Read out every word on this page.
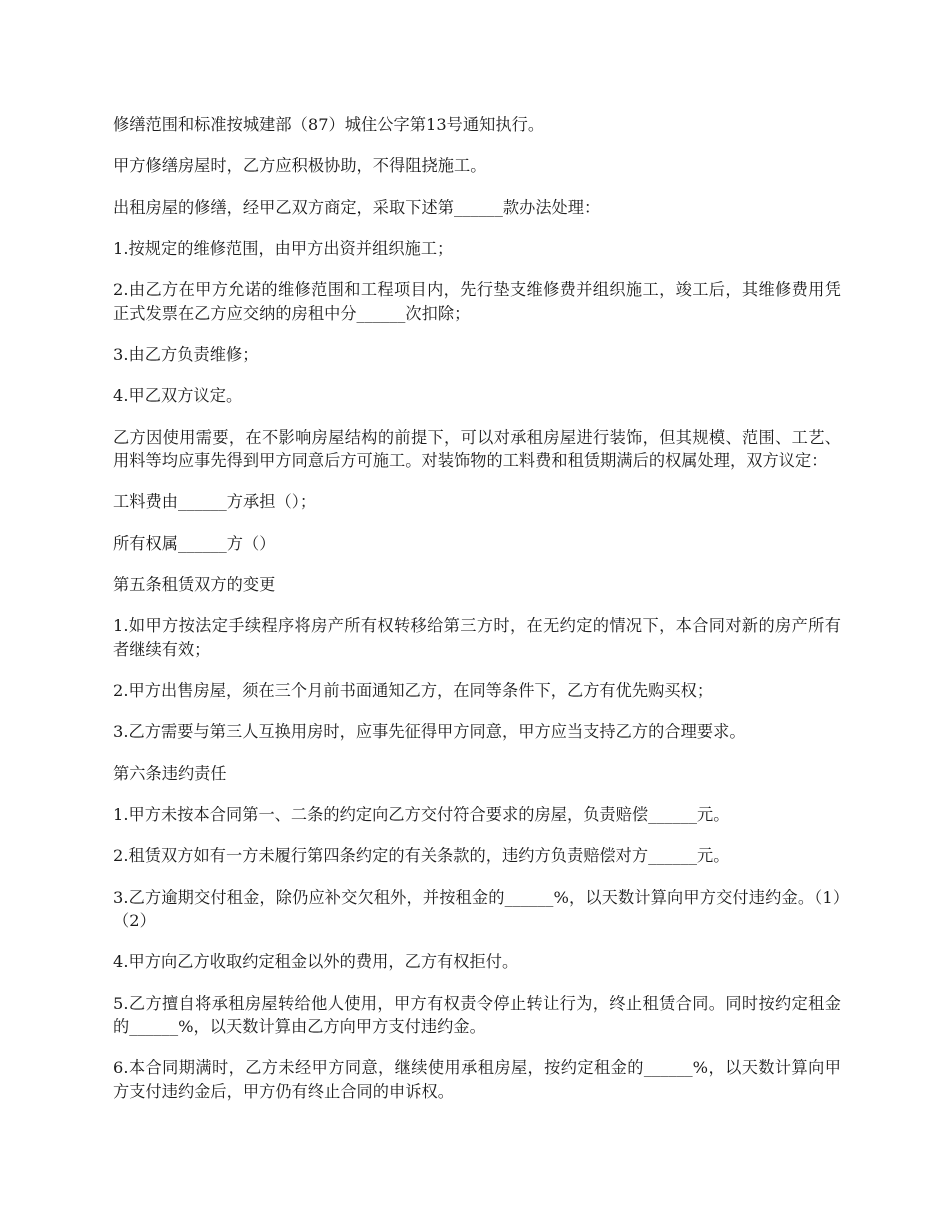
修缮范围和标准按城建部（87）城住公字第13号通知执行。

甲方修缮房屋时，乙方应积极协助，不得阻挠施工。

出租房屋的修缮，经甲乙双方商定，采取下述第______款办法处理：

1.按规定的维修范围，由甲方出资并组织施工；

2.由乙方在甲方允诺的维修范围和工程项目内，先行垫支维修费并组织施工，竣工后，其维修费用凭正式发票在乙方应交纳的房租中分______次扣除；

3.由乙方负责维修；

4.甲乙双方议定。

乙方因使用需要，在不影响房屋结构的前提下，可以对承租房屋进行装饰，但其规模、范围、工艺、用料等均应事先得到甲方同意后方可施工。对装饰物的工料费和租赁期满后的权属处理，双方议定：

工料费由______方承担（）；

所有权属______方（）

第五条租赁双方的变更

1.如甲方按法定手续程序将房产所有权转移给第三方时，在无约定的情况下，本合同对新的房产所有者继续有效；

2.甲方出售房屋，须在三个月前书面通知乙方，在同等条件下，乙方有优先购买权；

3.乙方需要与第三人互换用房时，应事先征得甲方同意，甲方应当支持乙方的合理要求。

第六条违约责任

1.甲方未按本合同第一、二条的约定向乙方交付符合要求的房屋，负责赔偿______元。

2.租赁双方如有一方未履行第四条约定的有关条款的，违约方负责赔偿对方______元。

3.乙方逾期交付租金，除仍应补交欠租外，并按租金的______%，以天数计算向甲方交付违约金。（1）（2）

4.甲方向乙方收取约定租金以外的费用，乙方有权拒付。

5.乙方擅自将承租房屋转给他人使用，甲方有权责令停止转让行为，终止租赁合同。同时按约定租金的______%，以天数计算由乙方向甲方支付违约金。

6.本合同期满时，乙方未经甲方同意，继续使用承租房屋，按约定租金的______%，以天数计算向甲方支付违约金后，甲方仍有终止合同的申诉权。
